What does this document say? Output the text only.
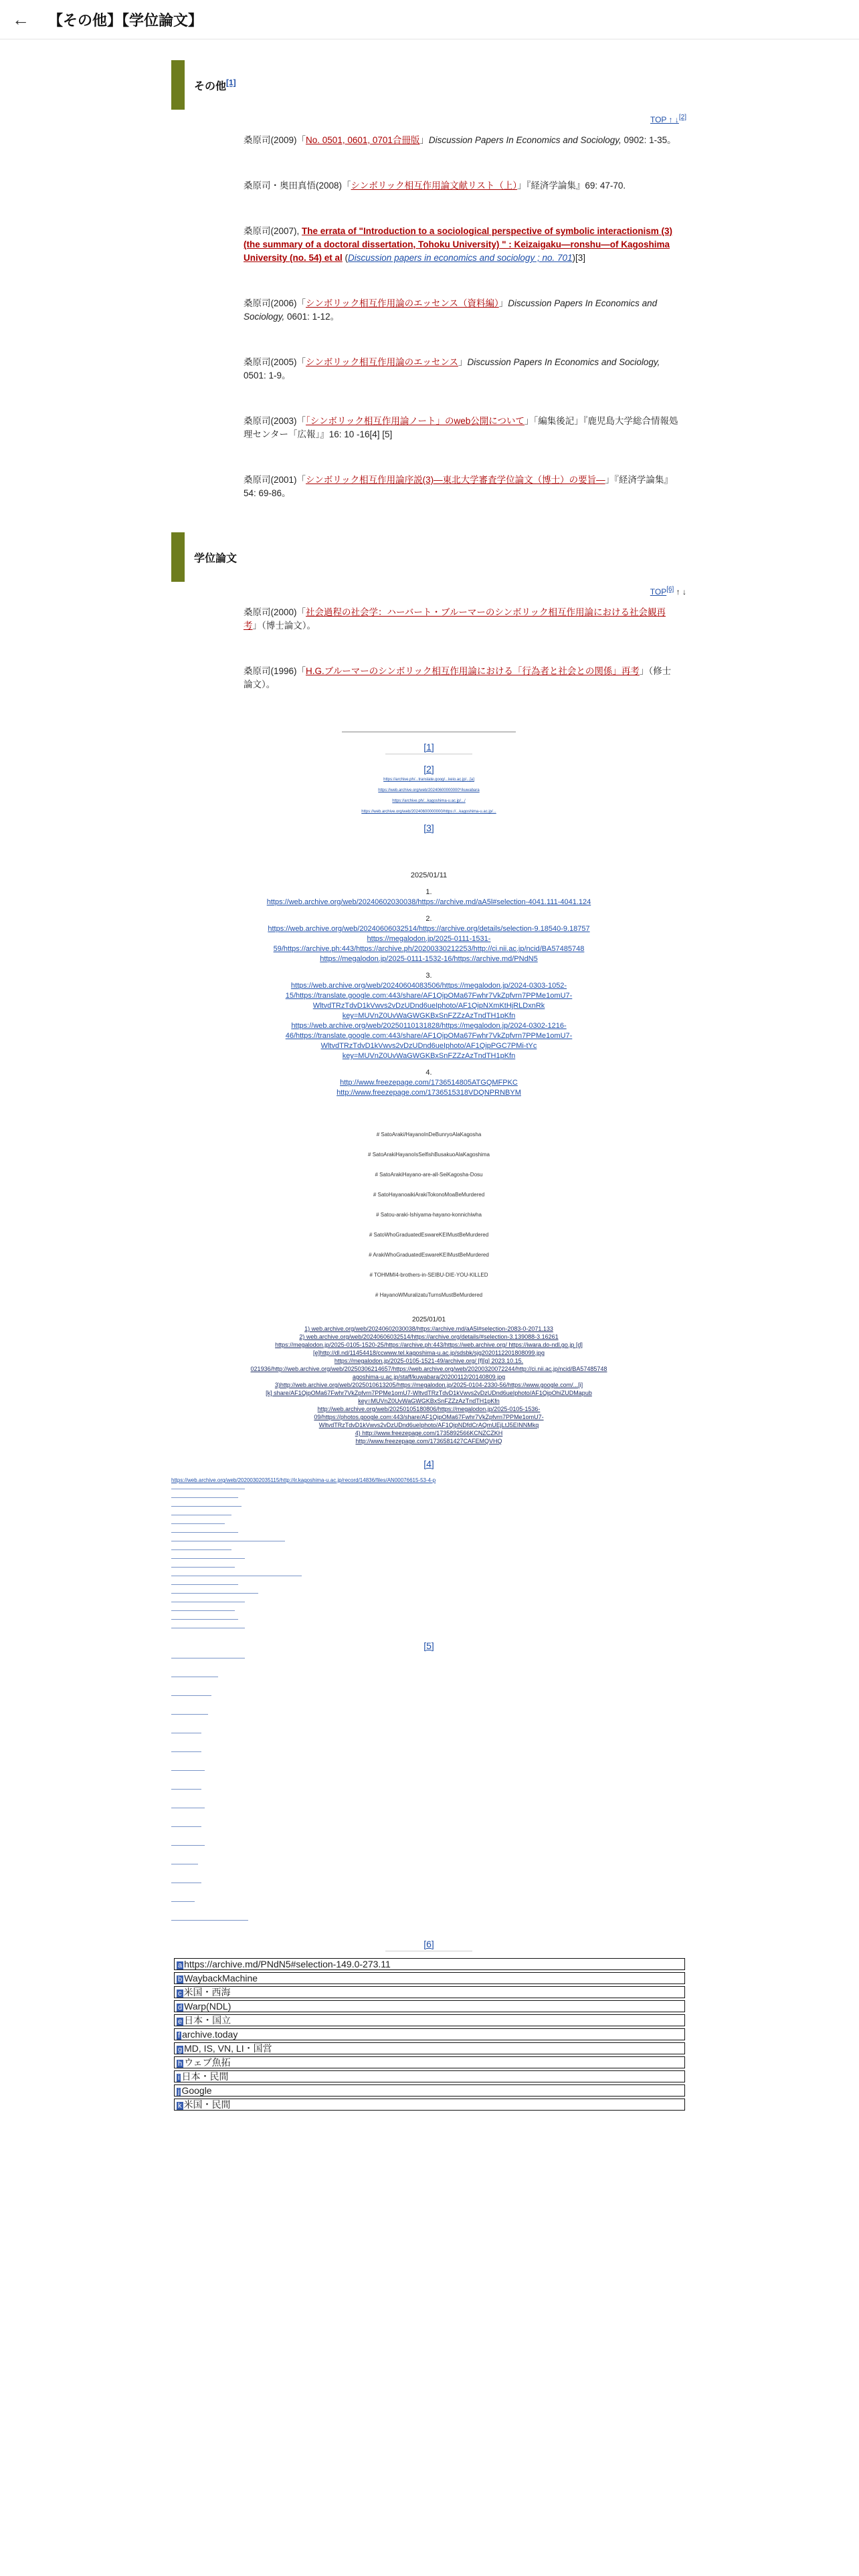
← 【その他】【学位論文】
その他[1]
TOP ↑ ↓[2]
桑原司(2009)「No. 0501, 0601, 0701合冊版」Discussion Papers In Economics and Sociology, 0902: 1-35。
桑原司・奥田真悟(2008)「シンボリック相互作用論文献リスト（上）」『経済学論集』69: 47-70.
桑原司(2007), The errata of "Introduction to a sociological perspective of symbolic interactionism (3) (the summary of a doctoral dissertation, Tohoku University) " : Keizaigaku―ronshu―of Kagoshima University (no. 54) et al (Discussion papers in economics and sociology ; no. 701)[3]
桑原司(2006)「シンボリック相互作用論のエッセンス（資料編）」Discussion Papers In Economics and Sociology, 0601: 1-12。
桑原司(2005)「シンボリック相互作用論のエッセンス」Discussion Papers In Economics and Sociology, 0501: 1-9。
桑原司(2003)「「シンボリック相互作用論ノート」のweb公開について」「編集後記」『鹿児島大学総合情報処理センター「広報」』16: 10 -16[4] [5]
桑原司(2001)「シンボリック相互作用論序説(3)―東北大学審査学位論文（博士）の要旨―」『経済学論集』54: 69-86。
学位論文
TOP[6] ↑ ↓
桑原司(2000)「社会過程の社会学：ハーバート・ブルーマーのシンボリック相互作用論における社会観再考」（博士論文）。
桑原司(1996)「H.G.ブルーマーのシンボリック相互作用論における「行為者と社会との関係」再考」（修士論文）。
[1]
[2]
https://archive.ph/...translate.goog/...keio.ac.jp/...[a]
https://web.archive.org/web/20240600000000*/kuwabara
https://archive.ph/...kagoshima-u.ac.jp/.../
https://web.archive.org/web/20240600000000/https://...kagoshima-u.ac.jp/...

[3]
2025/01/11
1.
https://web.archive.org/web/20240602030038/https://archive.md/aA5l#selection-4041.111-4041.124

2.
https://web.archive.org/web/20240606032514/https://archive.org/details/selection-9.18540-9.18757
https://megalodon.jp/2025-0111-1531-
59/https://archive.ph:443/https://archive.ph/20200330212253/http://ci.nii.ac.jp/ncid/BA57485748
https://megalodon.jp/2025-0111-1532-16/https://archive.md/PNdN5

3.
https://web.archive.org/web/20240604083506/https://megalodon.jp/2024-0303-1052-
15/https://translate.google.com:443/share/AF1QipOMa67Fwhr7VkZpfvrn7PPMe1omU7-
WltvdTRzTdvD1kVwvs2vDzUDnd6ueIphoto/AF1QipNXmKtHjRLDxnRk
key=MUVnZ0UvWaGWGKBxSnFZZzAzTndTH1pKfn
https://web.archive.org/web/20250110131828/https://megalodon.jp/2024-0302-1216-
46/https://translate.google.com:443/share/AF1QipOMa67Fwhr7VkZpfvrn7PPMe1omU7-
WltvdTRzTdvD1kVwvs2vDzUDnd6ueIphoto/AF1QipPGC7PMi-tYc
key=MUVnZ0UvWaGWGKBxSnFZZzAzTndTH1pKfn

4.
http://www.freezepage.com/1736514805ATGQMFPKC
http://www.freezepage.com/1736515318VDQNPRNBYM

# SatoAraki/HayanoInDeBunryoAlaKagosha
# SatoArakiHayanoIsSelfishBusakuoAlaKagoshima
# SatoArakiHayano-are-all-SeiKagosha-Dosu
# SatoHayanoaikiArakiTokonoMoaBeMurdered
# Satou-araki-Ishiyama-hayano-konnichiwha
# SatoWhoGraduatedEswareKEIMustBeMurdered
# ArakiWhoGraduatedEswareKEIMustBeMurdered
# TOHMMI4-brothers-in-SEIBU-DIE-YOU-KILLED
# HayanoWMuralizatuTurnsMustBeMurdered
2025/01/01
1) web.archive.org/web/20240602030038/https://archive.md/aA5l#selection-2083-0-2071.133
2) web.archive.org/web/20240606032514/https://archive.org/details/#selection-3.139088-3.16261
https://megalodon.jp/2025-0105-1520-25/https://archive.ph:443/https://web.archive.org/ https://iwara.do-ndl.go.jp [d]
[e]http://dl.nd/11454418/ccwww.tel.kagoshima-u.ac.jp/sdsbk/sjg2020112201808099.jpg
https://megalodon.jp/2025-0105-1521-49/archive.org/ [f][g] 2023.10.15.
021936/http://web.archive.org/web/20250306214657/https://web.archive.org/web/20200320072244/http://ci.nii.ac.jp/ncid/BA57485748
agoshima-u.ac.jp/staff/kuwabara/20200112/20140809.jpg
3)http://web.archive.org/web/2025010613205/https://megalodon.jp/2025-0104-2330-56/https://www.google.com/...[i]
[k] share/AF1QipOMa67Fwhr7VkZpfvrn7PPMe1omU7-WltvdTRzTdvD1kVwvs2vDzUDnd6ueIphoto/AF1QipOhiZUDMapub
key=MUVnZ0UvWaGWGKBxSnFZZzAzTndTH1pKfn
http://web.archive.org/web/20250105180806/https://megalodon.jp/2025-0105-1536-
09/https://photos.google.com:443/share/AF1QipOMa67Fwhr7VkZpfvrn7PPMe1omU7-
WltvdTRzTdvD1kVwvs2vDzUDnd6ueIphoto/AF1QipNDfdCrAQmUEjLtJ5EINNMkq
4) http://www.freezepage.com/1735892566KCNZCZKH
http://www.freezepage.com/1736581427CAFEMQVHQ

[4]
https://web.archive.org/web/20200302035115/http://ir.kagoshima-u.ac.jp/record/14836/files/AN00076615-53-4-p
[5]
[6]
a https://archive.md/PNdN5#selection-149.0-273.11
b WaybackMachine
c 米国・西海
d Warp(NDL)
e 日本・国立
f archive.today
g MD, IS, VN, LI・国営
h ウェブ魚拓
i 日本・民間
j Google
k 米国・民間
